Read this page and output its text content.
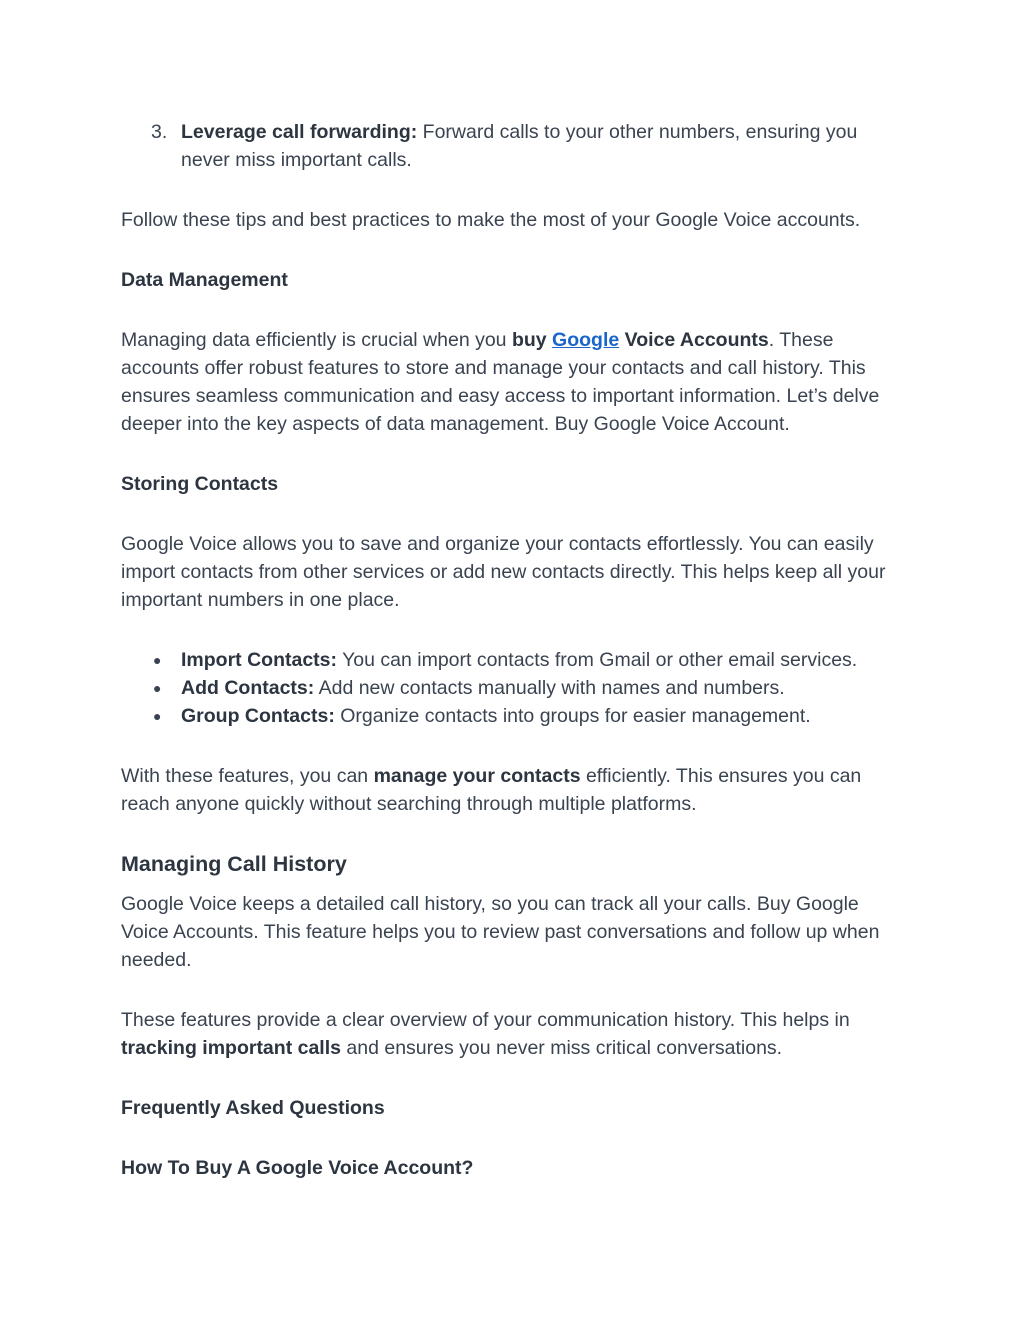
3. Leverage call forwarding: Forward calls to your other numbers, ensuring you never miss important calls.

Follow these tips and best practices to make the most of your Google Voice accounts.

Data Management

Managing data efficiently is crucial when you buy Google Voice Accounts. These accounts offer robust features to store and manage your contacts and call history. This ensures seamless communication and easy access to important information. Let’s delve deeper into the key aspects of data management. Buy Google Voice Account.

Storing Contacts

Google Voice allows you to save and organize your contacts effortlessly. You can easily import contacts from other services or add new contacts directly. This helps keep all your important numbers in one place.

● Import Contacts: You can import contacts from Gmail or other email services.
● Add Contacts: Add new contacts manually with names and numbers.
● Group Contacts: Organize contacts into groups for easier management.

With these features, you can manage your contacts efficiently. This ensures you can reach anyone quickly without searching through multiple platforms.

Managing Call History

Google Voice keeps a detailed call history, so you can track all your calls. Buy Google Voice Accounts. This feature helps you to review past conversations and follow up when needed.

These features provide a clear overview of your communication history. This helps in tracking important calls and ensures you never miss critical conversations.

Frequently Asked Questions

How To Buy A Google Voice Account?
